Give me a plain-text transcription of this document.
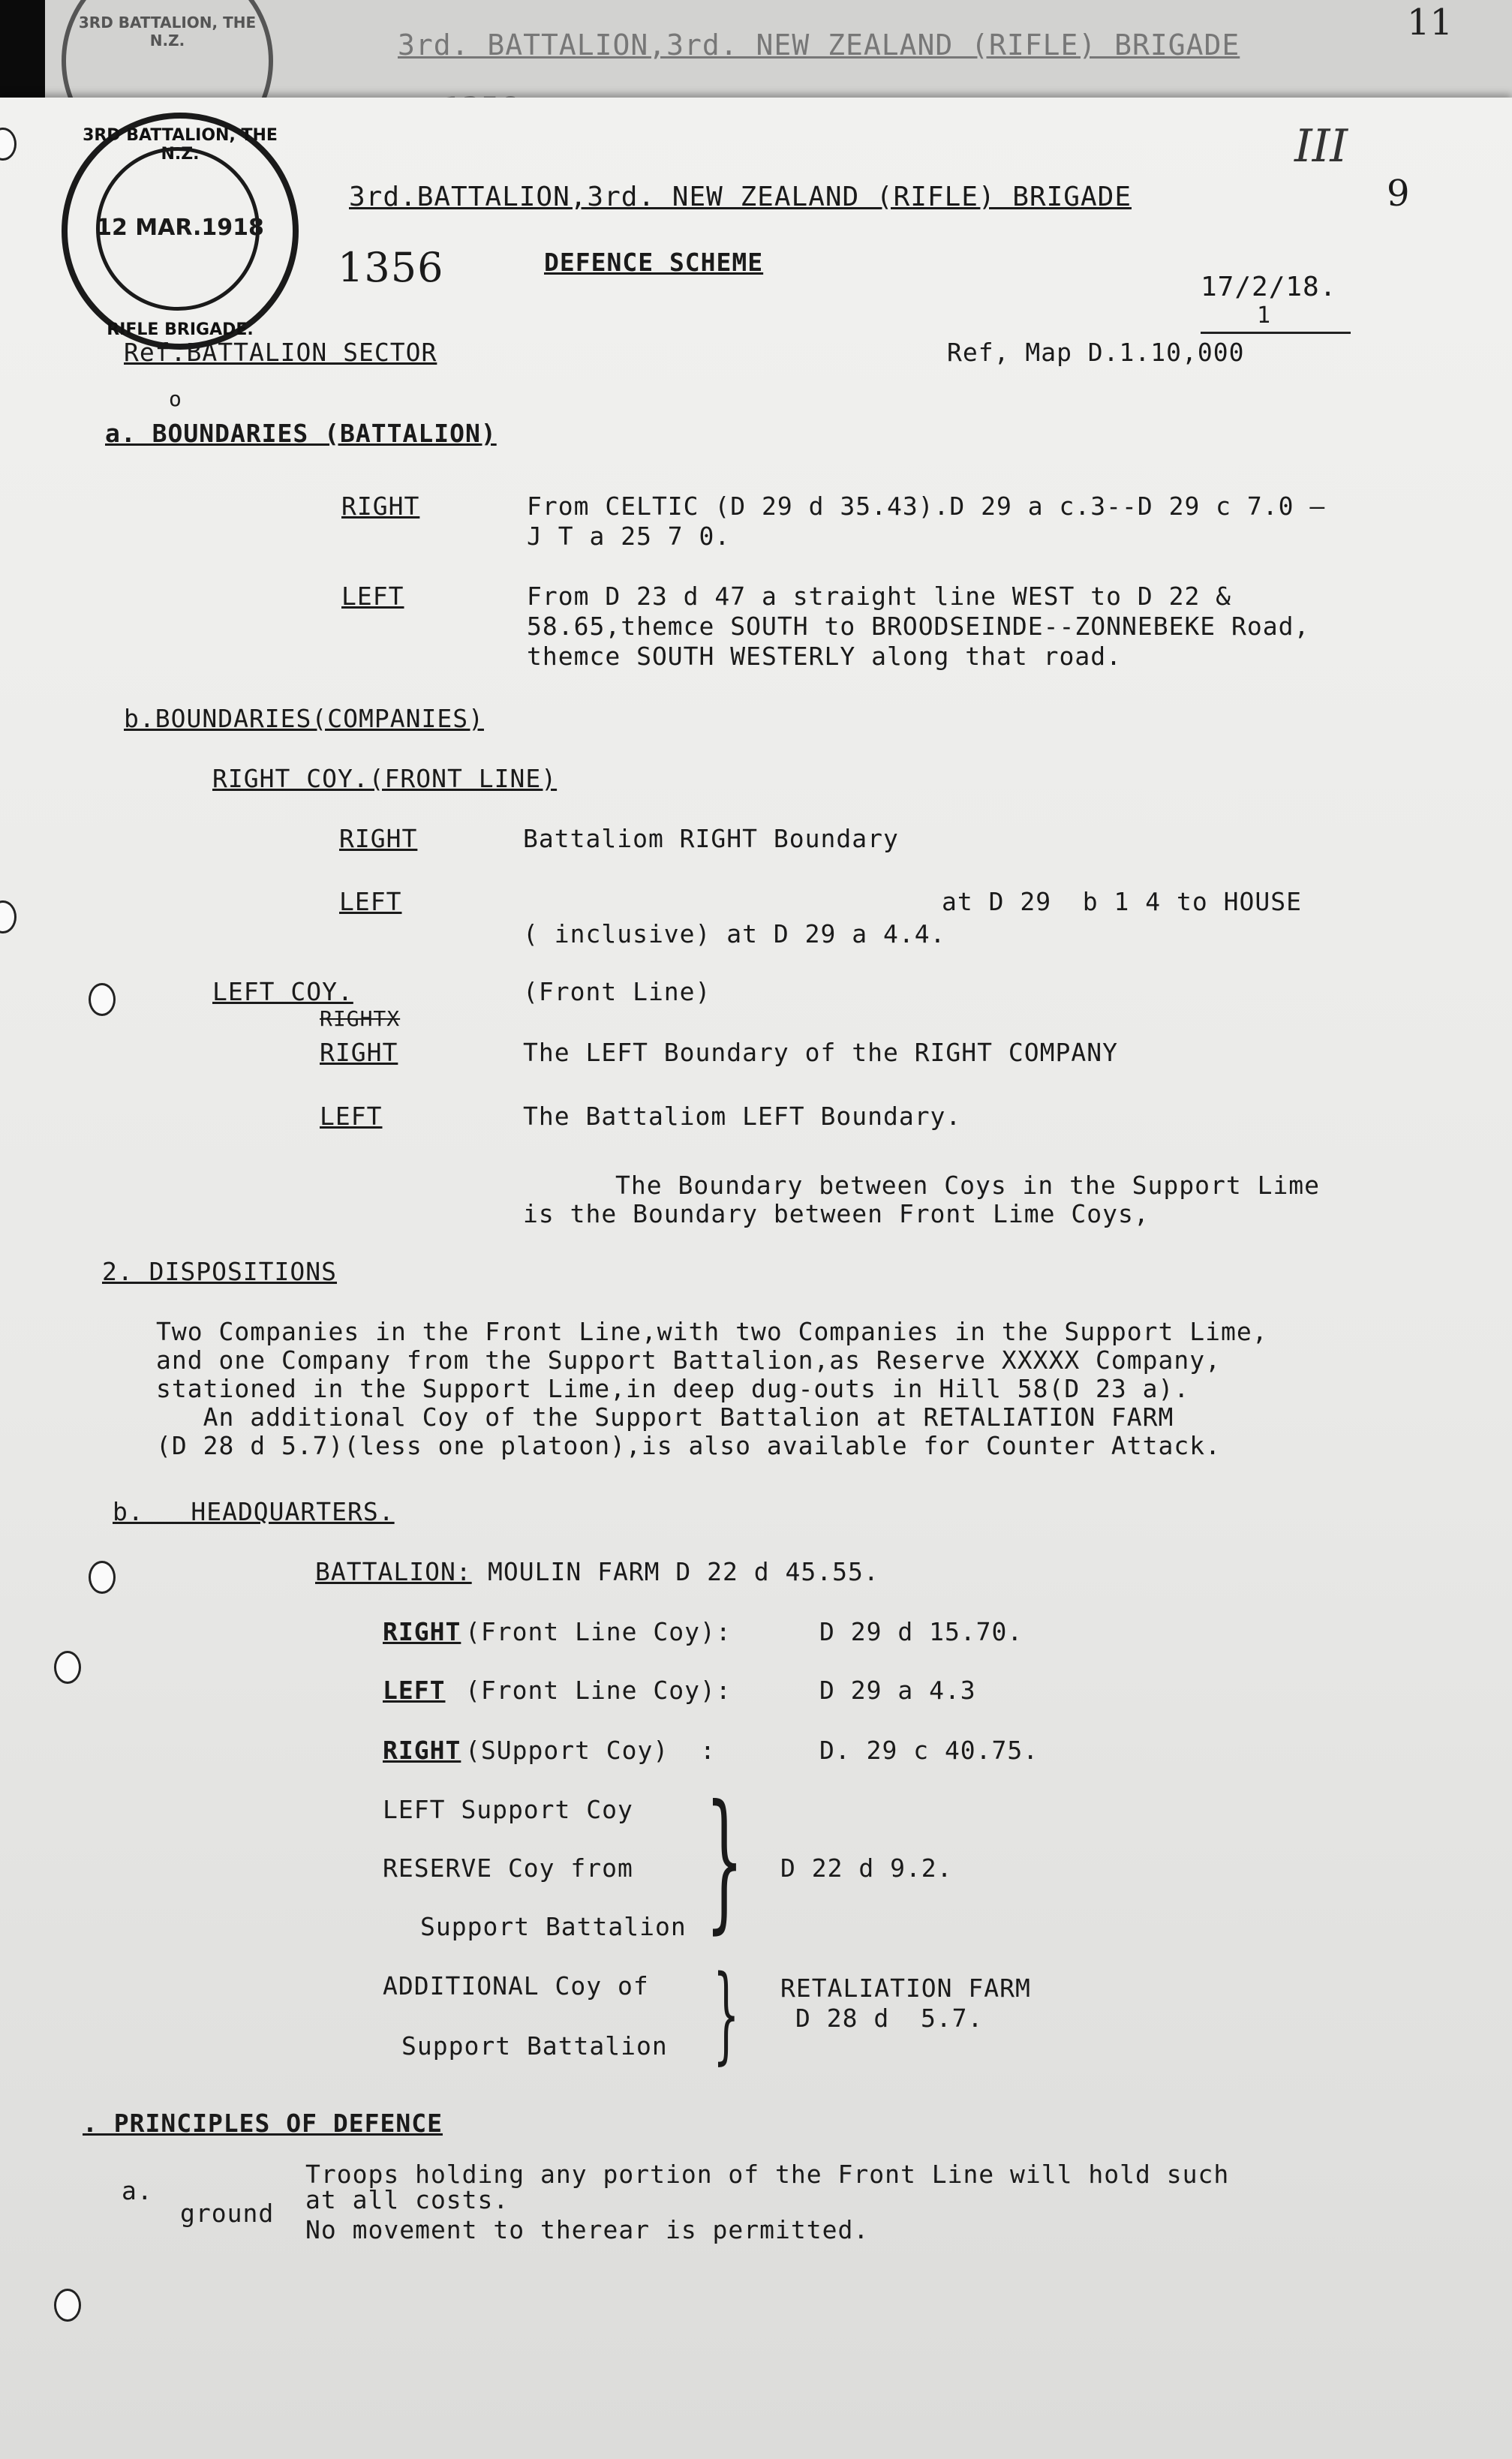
11
3rd. BATTALION,3rd. NEW ZEALAND (RIFLE) BRIGADE
3RD BATTALION, THE N.Z.
3RD BATTALION, THE N.Z.
12 MAR.1918
RIFLE BRIGADE.
3rd.BATTALION,3rd. NEW ZEALAND (RIFLE) BRIGADE	9
III
1356	DEFENCE SCHEME
17/2/18.
1
Ref.BATTALION SECTOR	Ref, Map D.1.10,000
o
a. BOUNDARIES (BATTALION)
RIGHT	From CELTIC (D 29 d 35.43).D 29 a c.3--D 29 c 7.0 —
J T a 25 7 0.
LEFT	From D 23 d 47 a straight line WEST to D 22 &
58.65,themce SOUTH to BROODSEINDE--ZONNEBEKE Road,
themce SOUTH WESTERLY along that road.
b.BOUNDARIES(COMPANIES)
RIGHT COY.(FRONT LINE)
RIGHT	Battaliom RIGHT Boundary
LEFT	at D 29  b 1 4 to HOUSE
( inclusive) at D 29 a 4.4.
LEFT COY.	(Front Line)
RIGHTX
RIGHT	The LEFT Boundary of the RIGHT COMPANY
LEFT	The Battaliom LEFT Boundary.
The Boundary between Coys in the Support Lime
is the Boundary between Front Lime Coys,
2. DISPOSITIONS
Two Companies in the Front Line,with two Companies in the Support Lime,
and one Company from the Support Battalion,as Reserve XXXXX Company,
stationed in the Support Lime,in deep dug-outs in Hill 58(D 23 a).
An additional Coy of the Support Battalion at RETALIATION FARM
(D 28 d 5.7)(less one platoon),is also available for Counter Attack.
b.   HEADQUARTERS.
BATTALION: MOULIN FARM D 22 d 45.55.
RIGHT (Front Line Coy):	D 29 d 15.70.
LEFT (Front Line Coy):	D 29 a 4.3
RIGHT (SUpport Coy)  :	D. 29 c 40.75.
LEFT Support Coy
RESERVE Coy from
Support Battalion } D 22 d 9.2.
ADDITIONAL Coy of
Support Battalion } RETALIATION FARM
D 28 d  5.7.
. PRINCIPLES OF DEFENCE
a.
Troops holding any portion of the Front Line will hold such
ground at all costs.
No movement to therear is permitted.
